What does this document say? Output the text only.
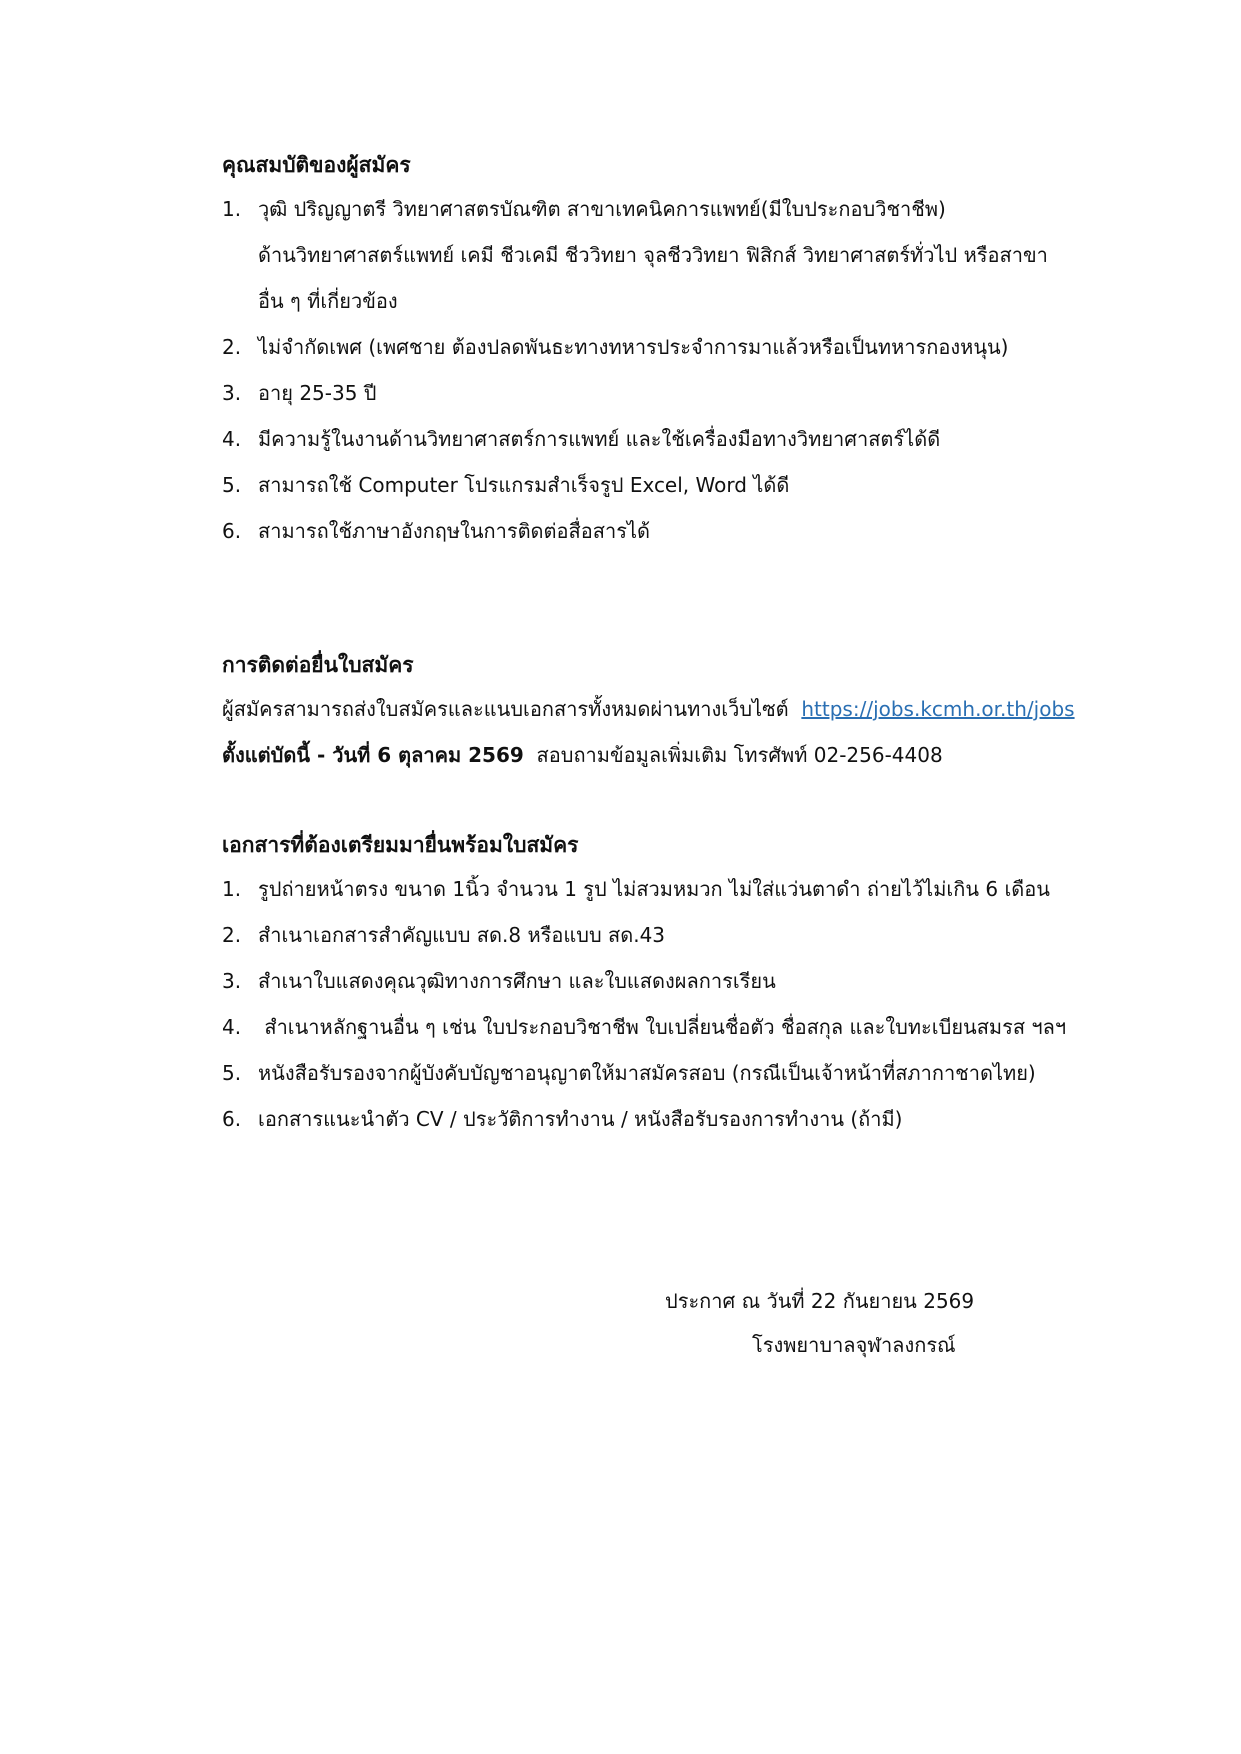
คุณสมบัติของผู้สมัคร
1. วุฒิ ปริญญาตรี วิทยาศาสตรบัณฑิต สาขาเทคนิคการแพทย์(มีใบประกอบวิชาชีพ)
ด้านวิทยาศาสตร์แพทย์ เคมี ชีวเคมี ชีววิทยา จุลชีววิทยา ฟิสิกส์ วิทยาศาสตร์ทั่วไป หรือสาขา
อื่น ๆ ที่เกี่ยวข้อง
2. ไม่จำกัดเพศ (เพศชาย ต้องปลดพันธะทางทหารประจำการมาแล้วหรือเป็นทหารกองหนุน)
3. อายุ 25-35 ปี
4. มีความรู้ในงานด้านวิทยาศาสตร์การแพทย์ และใช้เครื่องมือทางวิทยาศาสตร์ได้ดี
5. สามารถใช้ Computer โปรแกรมสำเร็จรูป Excel, Word ได้ดี
6. สามารถใช้ภาษาอังกฤษในการติดต่อสื่อสารได้
การติดต่อยื่นใบสมัคร
ผู้สมัครสามารถส่งใบสมัครและแนบเอกสารทั้งหมดผ่านทางเว็บไซต์ https://jobs.kcmh.or.th/jobs
ตั้งแต่บัดนี้ - วันที่ 6 ตุลาคม 2569 สอบถามข้อมูลเพิ่มเติม โทรศัพท์ 02-256-4408
เอกสารที่ต้องเตรียมมายื่นพร้อมใบสมัคร
1. รูปถ่ายหน้าตรง ขนาด 1นิ้ว จำนวน 1 รูป ไม่สวมหมวก ไม่ใส่แว่นตาดำ ถ่ายไว้ไม่เกิน 6 เดือน
2. สำเนาเอกสารสำคัญแบบ สด.8 หรือแบบ สด.43
3. สำเนาใบแสดงคุณวุฒิทางการศึกษา และใบแสดงผลการเรียน
4. สำเนาหลักฐานอื่น ๆ เช่น ใบประกอบวิชาชีพ ใบเปลี่ยนชื่อตัว ชื่อสกุล และใบทะเบียนสมรส ฯลฯ
5. หนังสือรับรองจากผู้บังคับบัญชาอนุญาตให้มาสมัครสอบ (กรณีเป็นเจ้าหน้าที่สภากาชาดไทย)
6. เอกสารแนะนำตัว CV / ประวัติการทำงาน / หนังสือรับรองการทำงาน (ถ้ามี)
ประกาศ ณ วันที่ 22 กันยายน 2569
โรงพยาบาลจุฬาลงกรณ์
